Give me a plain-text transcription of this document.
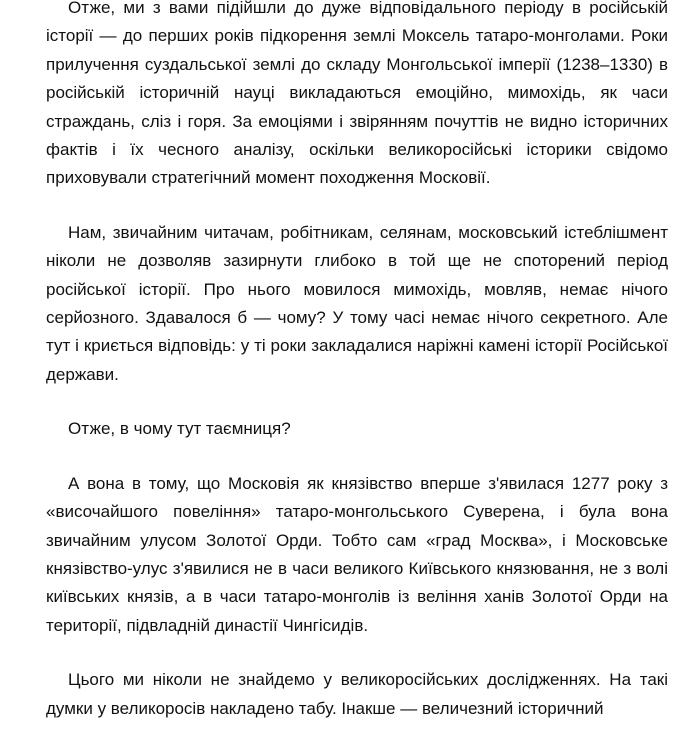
Отже, ми з вами підійшли до дуже відповідального періоду в російській історії — до перших років підкорення землі Моксель татаро-монголами. Роки прилучення суздальської землі до складу Монгольської імперії (1238–1330) в російській історичній науці викладаються емоційно, мимохідь, як часи страждань, сліз і горя. За емоціями і звірянням почуттів не видно історичних фактів і їх чесного аналізу, оскільки великоросійські історики свідомо приховували стратегічний момент походження Московії.

Нам, звичайним читачам, робітникам, селянам, московський істеблішмент ніколи не дозволяв зазирнути глибоко в той ще не споторений період російської історії. Про нього мовилося мимохідь, мовляв, немає нічого серйозного. Здавалося б — чому? У тому часі немає нічого секретного. Але тут і криється відповідь: у ті роки закладалися наріжні камені історії Російської держави.

Отже, в чому тут таємниця?

А вона в тому, що Московія як князівство вперше з'явилася 1277 року з «височайшого повеління» татаро-монгольського Суверена, і була вона звичайним улусом Золотої Орди. Тобто сам «град Москва», і Московське князівство-улус з'явилися не в часи великого Київського князювання, не з волі київських князів, а в часи татаро-монголів із веління ханів Золотої Орди на території, підвладній династії Чингісидів.

Цього ми ніколи не знайдемо у великоросійських дослідженнях. На такі думки у великоросів накладено табу. Інакше — величезний історичний
